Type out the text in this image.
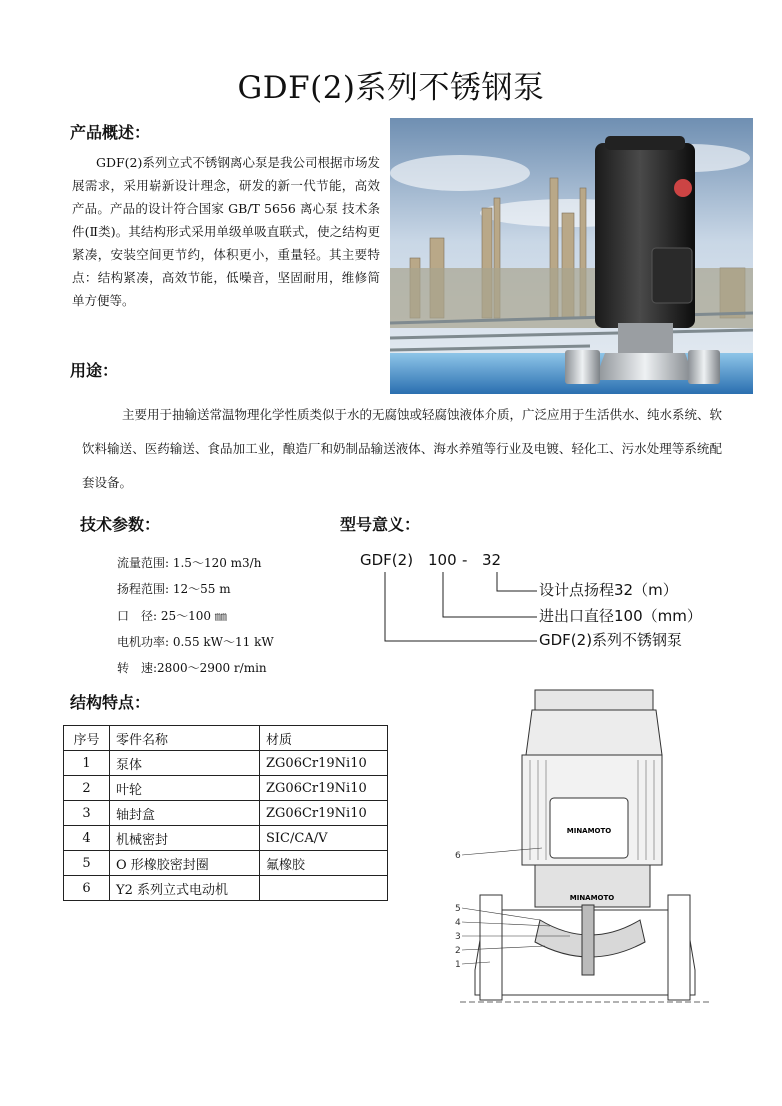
GDF(2)系列不锈钢泵
产品概述：
GDF(2)系列立式不锈钢离心泵是我公司根据市场发展需求，采用崭新设计理念，研发的新一代节能，高效产品。产品的设计符合国家 GB/T 5656 离心泵 技术条件(Ⅱ类)。其结构形式采用单级单吸直联式，使之结构更紧凑，安装空间更节约，体积更小，重量轻。其主要特点：结构紧凑，高效节能，低噪音，坚固耐用，维修简单方便等。
用途：
主要用于抽输送常温物理化学性质类似于水的无腐蚀或轻腐蚀液体介质，广泛应用于生活供水、纯水系统、软饮料输送、医药输送、食品加工业，酿造厂和奶制品输送液体、海水养殖等行业及电镀、轻化工、污水处理等系统配套设备。
技术参数：	型号意义：
流量范围: 1.5～120 m3/h
扬程范围: 12～55 m
口　径: 25～100 ㎜
电机功率: 0.55 kW～11 kW
转　速:2800～2900 r/min
GDF(2) 100 - 32
设计点扬程32（m）
进出口直径100（mm）
GDF(2)系列不锈钢泵
结构特点：
序号	零件名称	材质
1	泵体	ZG06Cr19Ni10
2	叶轮	ZG06Cr19Ni10
3	轴封盒	ZG06Cr19Ni10
4	机械密封	SIC/CA/V
5	O 形橡胶密封圈	氟橡胶
6	Y2 系列立式电动机	
MINAMOTO
MINAMOTO
6
5
4
3
2
1
